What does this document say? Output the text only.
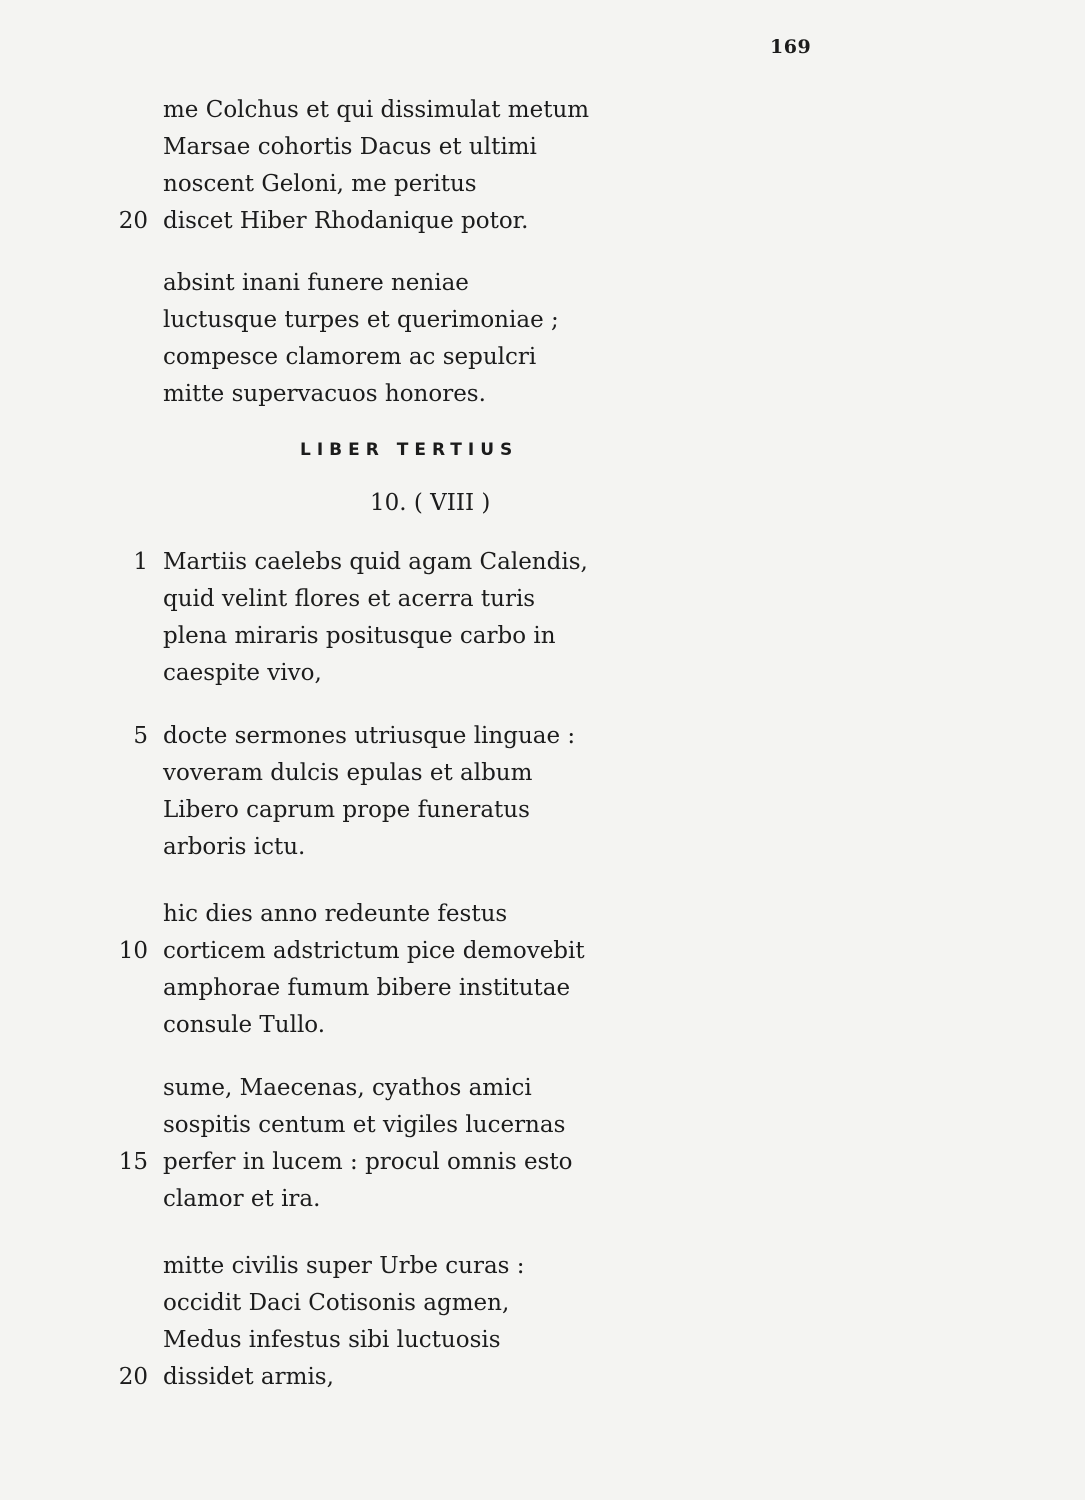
169
me Colchus et qui dissimulat metum
Marsae cohortis Dacus et ultimi
noscent Geloni, me peritus
20 discet Hiber Rhodanique potor.
absint inani funere neniae
luctusque turpes et querimoniae ;
compesce clamorem ac sepulcri
mitte supervacuos honores.
LIBER TERTIUS
10. ( VIII )
1 Martiis caelebs quid agam Calendis,
quid velint flores et acerra turis
plena miraris positusque carbo in
caespite vivo,
5 docte sermones utriusque linguae :
voveram dulcis epulas et album
Libero caprum prope funeratus
arboris ictu.
hic dies anno redeunte festus
10 corticem adstrictum pice demovebit
amphorae fumum bibere institutae
consule Tullo.
sume, Maecenas, cyathos amici
sospitis centum et vigiles lucernas
15 perfer in lucem : procul omnis esto
clamor et ira.
mitte civilis super Urbe curas :
occidit Daci Cotisonis agmen,
Medus infestus sibi luctuosis
20 dissidet armis,
